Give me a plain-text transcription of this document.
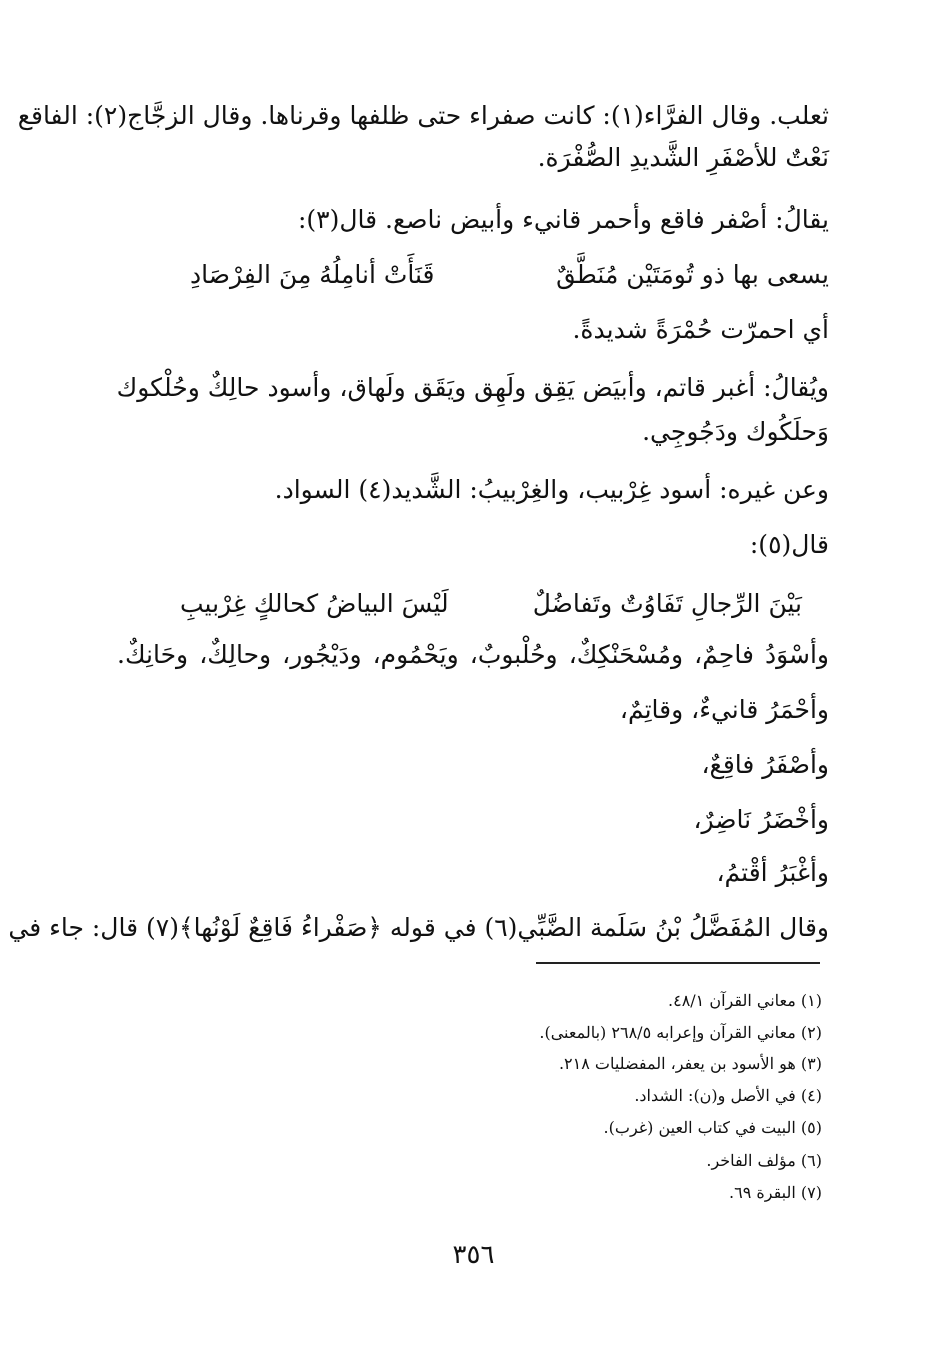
ثعلب. وقال الفرَّاء(١): كانت صفراء حتى ظلفها وقرناها. وقال الزجَّاج(٢): الفاقع
نَعْتٌ للأصْفَرِ الشَّديدِ الصُّفْرَة.
يقالُ: أصْفر فاقع وأحمر قانيء وأبيض ناصع. قال(٣):
يسعى بها ذو تُومَتَيْن مُنَطَّقٌ
قَنَأَتْ أنامِلُهُ مِنَ الفِرْصَادِ
أي احمرّت حُمْرَةً شديدةً.
ويُقالُ: أغبر قاتم، وأبيَض يَقِق ولَهِق ويَقَق ولَهاق، وأسود حالِكٌ وحُلْكوك
وَحلَكُوك ودَجُوجِي.
وعن غيره: أسود غِرْبيب، والغِرْبيبُ: الشَّديد(٤) السواد.
قال(٥):
بَيْنَ الرِّجالِ تَفَاوُتٌ وتَفاضُلٌ
لَيْسَ البياضُ كحالكٍ غِرْبيبِ
وأسْوَدُ فاحِمٌ، ومُسْحَنْكِكٌ، وحُلْبوبٌ، ويَحْمُوم، ودَيْجُور، وحالِكٌ، وحَانِكٌ.
وأحْمَرُ قانيءٌ، وقاتِمٌ،
وأصْفَرُ فاقِعٌ،
وأخْضَرُ نَاضِرٌ،
وأغْبَرُ أقْتمُ،
وقال المُفَضَّلُ بْنُ سَلَمة الضَّبِّي(٦) في قوله ﴿صَفْراءُ فَاقِعٌ لَوْنُها﴾(٧) قال: جاء في
(١) معاني القرآن ٤٨/١.
(٢) معاني القرآن وإعرابه ٢٦٨/٥ (بالمعنى).
(٣) هو الأسود بن يعفر، المفضليات ٢١٨.
(٤) في الأصل و(ن): الشداد.
(٥) البيت في كتاب العين (غرب).
(٦) مؤلف الفاخر.
(٧) البقرة ٦٩.
٣٥٦
